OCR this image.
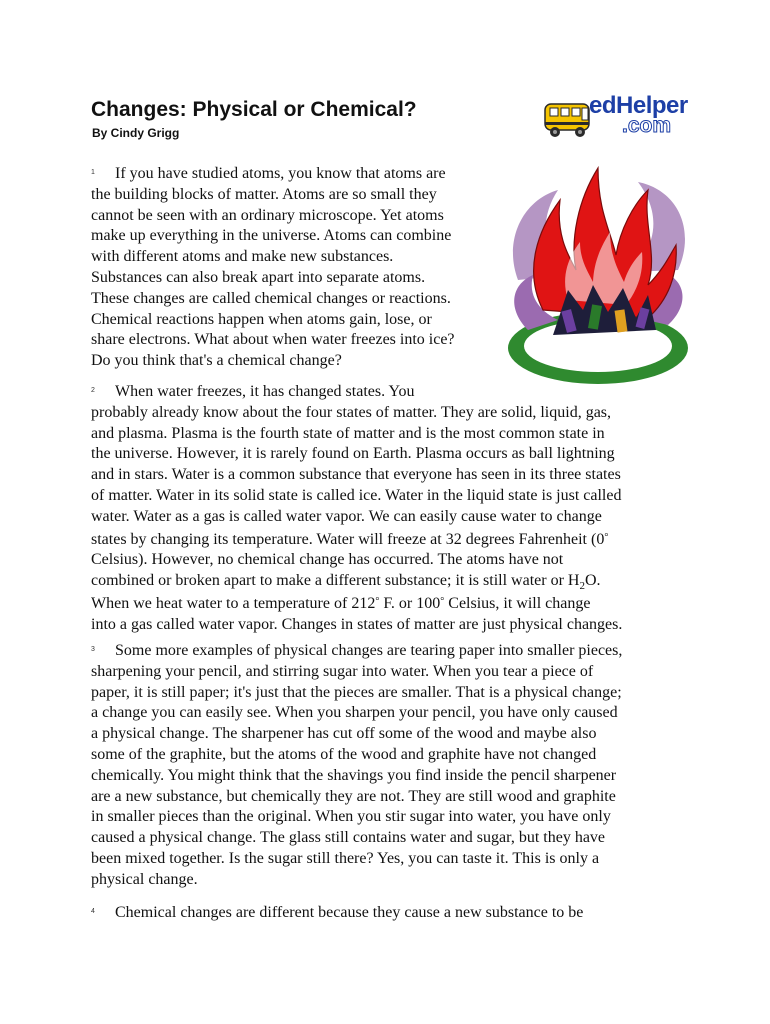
Changes: Physical or Chemical?
By Cindy Grigg
edHelper
.com

1 If you have studied atoms, you know that atoms are
the building blocks of matter. Atoms are so small they
cannot be seen with an ordinary microscope. Yet atoms
make up everything in the universe. Atoms can combine
with different atoms and make new substances.
Substances can also break apart into separate atoms.
These changes are called chemical changes or reactions.
Chemical reactions happen when atoms gain, lose, or
share electrons. What about when water freezes into ice?
Do you think that's a chemical change?

2 When water freezes, it has changed states. You
probably already know about the four states of matter. They are solid, liquid, gas,
and plasma. Plasma is the fourth state of matter and is the most common state in
the universe. However, it is rarely found on Earth. Plasma occurs as ball lightning
and in stars. Water is a common substance that everyone has seen in its three states
of matter. Water in its solid state is called ice. Water in the liquid state is just called
water. Water as a gas is called water vapor. We can easily cause water to change
states by changing its temperature. Water will freeze at 32 degrees Fahrenheit (0°
Celsius). However, no chemical change has occurred. The atoms have not
combined or broken apart to make a different substance; it is still water or $H_2O$.
When we heat water to a temperature of 212° F. or 100° Celsius, it will change
into a gas called water vapor. Changes in states of matter are just physical changes.

3 Some more examples of physical changes are tearing paper into smaller pieces,
sharpening your pencil, and stirring sugar into water. When you tear a piece of
paper, it is still paper; it's just that the pieces are smaller. That is a physical change;
a change you can easily see. When you sharpen your pencil, you have only caused
a physical change. The sharpener has cut off some of the wood and maybe also
some of the graphite, but the atoms of the wood and graphite have not changed
chemically. You might think that the shavings you find inside the pencil sharpener
are a new substance, but chemically they are not. They are still wood and graphite
in smaller pieces than the original. When you stir sugar into water, you have only
caused a physical change. The glass still contains water and sugar, but they have
been mixed together. Is the sugar still there? Yes, you can taste it. This is only a
physical change.

4 Chemical changes are different because they cause a new substance to be
